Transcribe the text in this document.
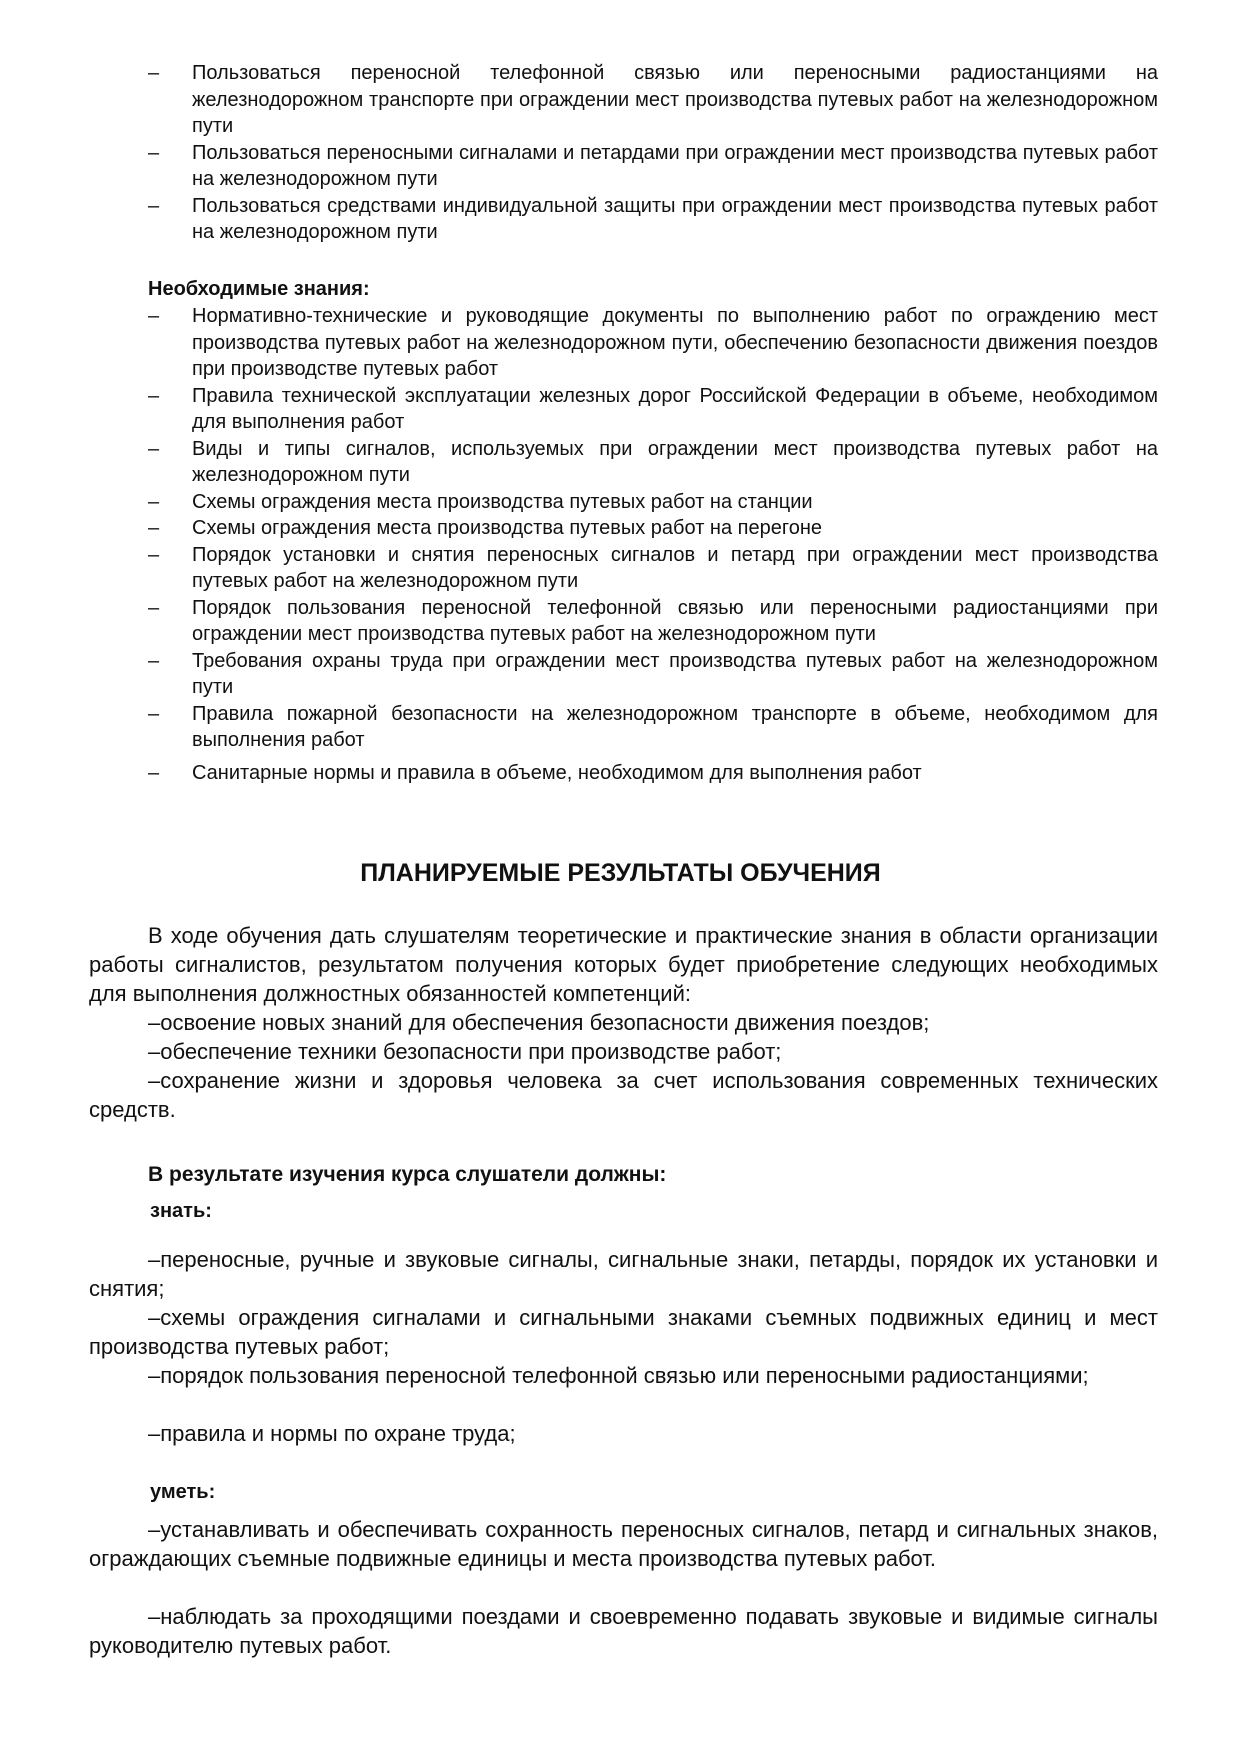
– Пользоваться переносной телефонной связью или переносными радиостанциями на железнодорожном транспорте при ограждении мест производства путевых работ на железнодорожном пути
– Пользоваться переносными сигналами и петардами при ограждении мест производства путевых работ на железнодорожном пути
– Пользоваться средствами индивидуальной защиты при ограждении мест производства путевых работ на железнодорожном пути
Необходимые знания:
– Нормативно-технические и руководящие документы по выполнению работ по ограждению мест производства путевых работ на железнодорожном пути, обеспечению безопасности движения поездов при производстве путевых работ
– Правила технической эксплуатации железных дорог Российской Федерации в объеме, необходимом для выполнения работ
– Виды и типы сигналов, используемых при ограждении мест производства путевых работ на железнодорожном пути
– Схемы ограждения места производства путевых работ на станции
– Схемы ограждения места производства путевых работ на перегоне
– Порядок установки и снятия переносных сигналов и петард при ограждении мест производства путевых работ на железнодорожном пути
– Порядок пользования переносной телефонной связью или переносными радиостанциями при ограждении мест производства путевых работ на железнодорожном пути
– Требования охраны труда при ограждении мест производства путевых работ на железнодорожном пути
– Правила пожарной безопасности на железнодорожном транспорте в объеме, необходимом для выполнения работ
– Санитарные нормы и правила в объеме, необходимом для выполнения работ
ПЛАНИРУЕМЫЕ РЕЗУЛЬТАТЫ ОБУЧЕНИЯ

В ходе обучения дать слушателям теоретические и практические знания в области организации работы сигналистов, результатом получения которых будет приобретение следующих необходимых для выполнения должностных обязанностей компетенций:

–освоение новых знаний для обеспечения безопасности движения поездов;

–обеспечение техники безопасности при производстве работ;

–сохранение жизни и здоровья человека за счет использования современных технических средств.

В результате изучения курса слушатели должны:
знать:

–переносные, ручные и звуковые сигналы, сигнальные знаки, петарды, порядок их установки и снятия;

–схемы ограждения сигналами и сигнальными знаками съемных подвижных единиц и мест производства путевых работ;

–порядок пользования переносной телефонной связью или переносными радиостанциями;

–правила и нормы по охране труда;

уметь:

–устанавливать и обеспечивать сохранность переносных сигналов, петард и сигнальных знаков, ограждающих съемные подвижные единицы и места производства путевых работ.

–наблюдать за проходящими поездами и своевременно подавать звуковые и видимые сигналы руководителю путевых работ.
